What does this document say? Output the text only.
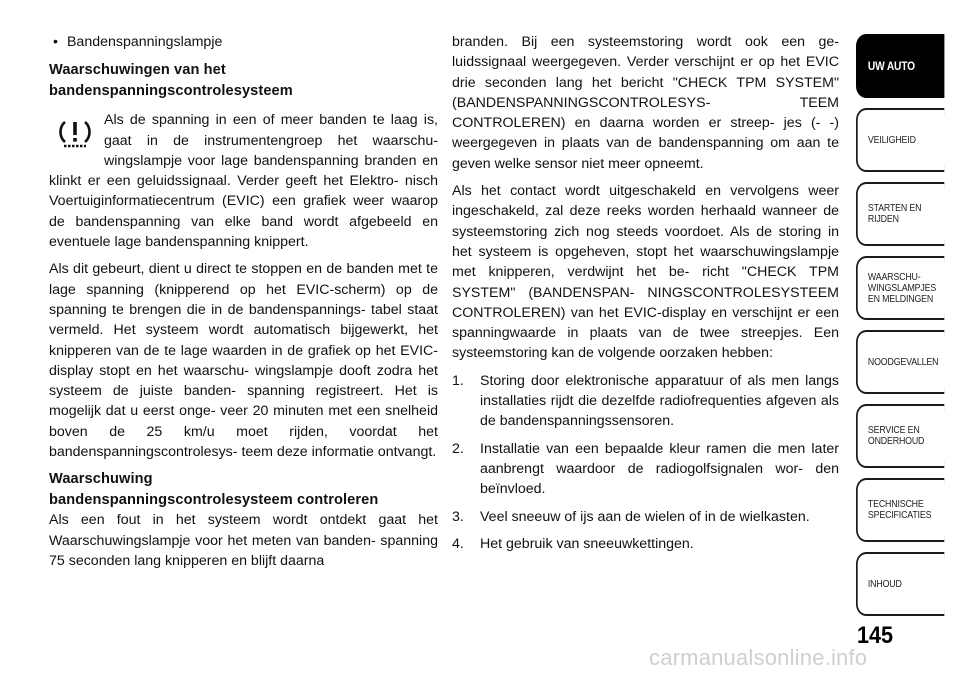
• Bandenspanningslampje
Waarschuwingen van het
bandenspanningscontrolesysteem
Als de spanning in een of meer banden te laag is, gaat in de instrumentengroep het waarschu- wingslampje voor lage bandenspanning branden en klinkt er een geluidssignaal. Verder geeft het Elektro- nisch Voertuiginformatiecentrum (EVIC) een grafiek weer waarop de bandenspanning van elke band wordt afgebeeld en eventuele lage bandenspanning knippert.

Als dit gebeurt, dient u direct te stoppen en de banden met te lage spanning (knipperend op het EVIC-scherm) op de spanning te brengen die in de bandenspannings- tabel staat vermeld. Het systeem wordt automatisch bijgewerkt, het knipperen van de te lage waarden in de grafiek op het EVIC-display stopt en het waarschu- wingslampje dooft zodra het systeem de juiste banden- spanning registreert. Het is mogelijk dat u eerst onge- veer 20 minuten met een snelheid boven de 25 km/u moet rijden, voordat het bandenspanningscontrolesys- teem deze informatie ontvangt.

Waarschuwing
bandenspanningscontrolesysteem controleren

Als een fout in het systeem wordt ontdekt gaat het Waarschuwingslampje voor het meten van banden- spanning 75 seconden lang knipperen en blijft daarna

branden. Bij een systeemstoring wordt ook een ge- luidssignaal weergegeven. Verder verschijnt er op het EVIC drie seconden lang het bericht "CHECK TPM SYSTEM" (BANDENSPANNINGSCONTROLESYS- TEEM CONTROLEREN) en daarna worden er streep- jes (- -) weergegeven in plaats van de bandenspanning om aan te geven welke sensor niet meer opneemt.

Als het contact wordt uitgeschakeld en vervolgens weer ingeschakeld, zal deze reeks worden herhaald wanneer de systeemstoring zich nog steeds voordoet. Als de storing in het systeem is opgeheven, stopt het waarschuwingslampje met knipperen, verdwijnt het be- richt "CHECK TPM SYSTEM" (BANDENSPAN- NINGSCONTROLESYSTEEM CONTROLEREN) van het EVIC-display en verschijnt er een spanningwaarde in plaats van de twee streepjes. Een systeemstoring kan de volgende oorzaken hebben:

1.	Storing door elektronische apparatuur of als men langs installaties rijdt die dezelfde radiofrequenties afgeven als de bandenspanningssensoren.
2.	Installatie van een bepaalde kleur ramen die men later aanbrengt waardoor de radiogolfsignalen wor- den beïnvloed.
3.	Veel sneeuw of ijs aan de wielen of in de wielkasten.
4.	Het gebruik van sneeuwkettingen.
UW AUTO
VEILIGHEID
STARTEN EN
RIJDEN
WAARSCHU-
WINGSLAMPJES
EN MELDINGEN
NOODGEVALLEN
SERVICE EN
ONDERHOUD
TECHNISCHE
SPECIFICATIES
INHOUD
145
carmanualsonline.info
